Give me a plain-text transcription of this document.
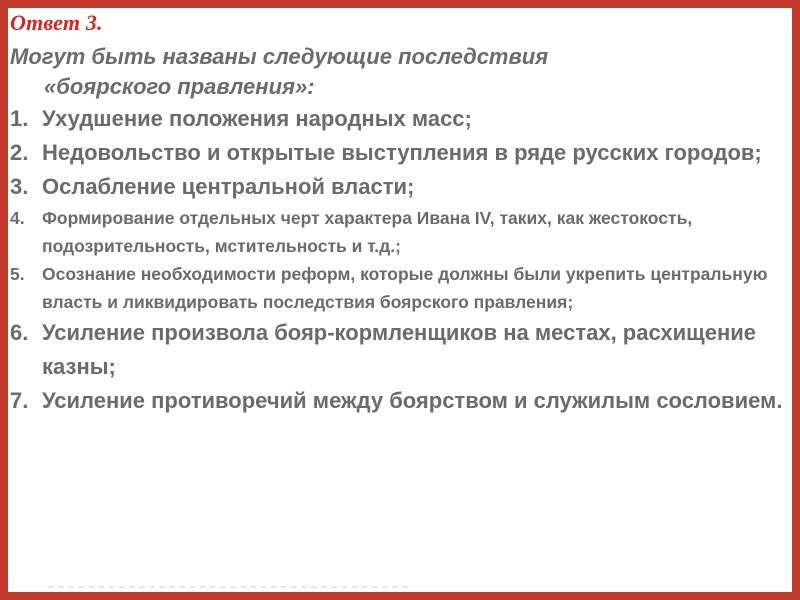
Ответ 3.

Могут быть названы следующие последствия
«боярского правления»:

1. Ухудшение положения народных масс;
2. Недовольство и открытые выступления в ряде русских городов;
3. Ослабление центральной власти;
4. Формирование отдельных черт характера Ивана IV, таких, как жестокость, подозрительность, мстительность и т.д.;
5. Осознание необходимости реформ, которые должны были укрепить центральную власть и ликвидировать последствия боярского правления;
6. Усиление произвола бояр-кормленщиков на местах, расхищение казны;
7. Усиление противоречий между боярством и служилым сословием.
